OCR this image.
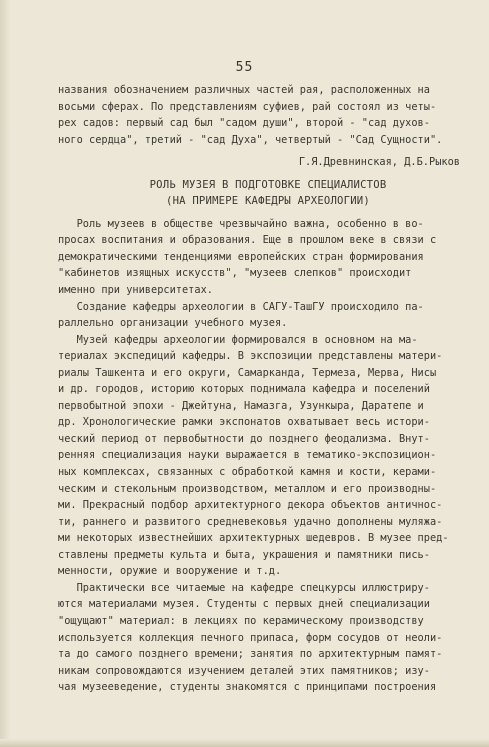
55
названия обозначением различных частей рая, расположенных на
восьми сферах. По представлениям суфиев, рай состоял из четы-
рех садов: первый сад был "садом души", второй - "сад духов-
ного сердца", третий - "сад Духа", четвертый - "Сад Сущности".
Г.Я.Древнинская, Д.Б.Рыков
РОЛЬ МУЗЕЯ В ПОДГОТОВКЕ СПЕЦИАЛИСТОВ
(НА ПРИМЕРЕ КАФЕДРЫ АРХЕОЛОГИИ)
Роль музеев в обществе чрезвычайно важна, особенно в во-
просах воспитания и образования. Еще в прошлом веке в связи с
демократическими тенденциями европейских стран формирования
"кабинетов изящных искусств", "музеев слепков" происходит
именно при университетах.
Создание кафедры археологии в САГУ-ТашГУ происходило па-
раллельно организации учебного музея.
Музей кафедры археологии формировался в основном на ма-
териалах экспедиций кафедры. В экспозиции представлены матери-
риалы Ташкента и его округи, Самарканда, Термеза, Мерва, Нисы
и др. городов, историю которых поднимала кафедра и поселений
первобытной эпохи - Джейтуна, Намазга, Узункыра, Даратепе и
др. Хронологические рамки экспонатов охватывает весь истори-
ческий период от первобытности до позднего феодализма. Внут-
ренняя специализация науки выражается в тематико-экспозицион-
ных комплексах, связанных с обработкой камня и кости, керами-
ческим и стекольным производством, металлом и его производны-
ми. Прекрасный подбор архитектурного декора объектов античнос-
ти, раннего и развитого средневековья удачно дополнены муляжа-
ми некоторых известнейших архитектурных шедевров. В музее пред-
ставлены предметы культа и быта, украшения и памятники пись-
менности, оружие и вооружение и т.д.
Практически все читаемые на кафедре спецкурсы иллюстриру-
ются материалами музея. Студенты с первых дней специализации
"ощущают" материал: в лекциях по керамическому производству
используется коллекция печного припаса, форм сосудов от неоли-
та до самого позднего времени; занятия по архитектурным памят-
никам сопровождаются изучением деталей этих памятников; изу-
чая музееведение, студенты знакомятся с принципами построения
